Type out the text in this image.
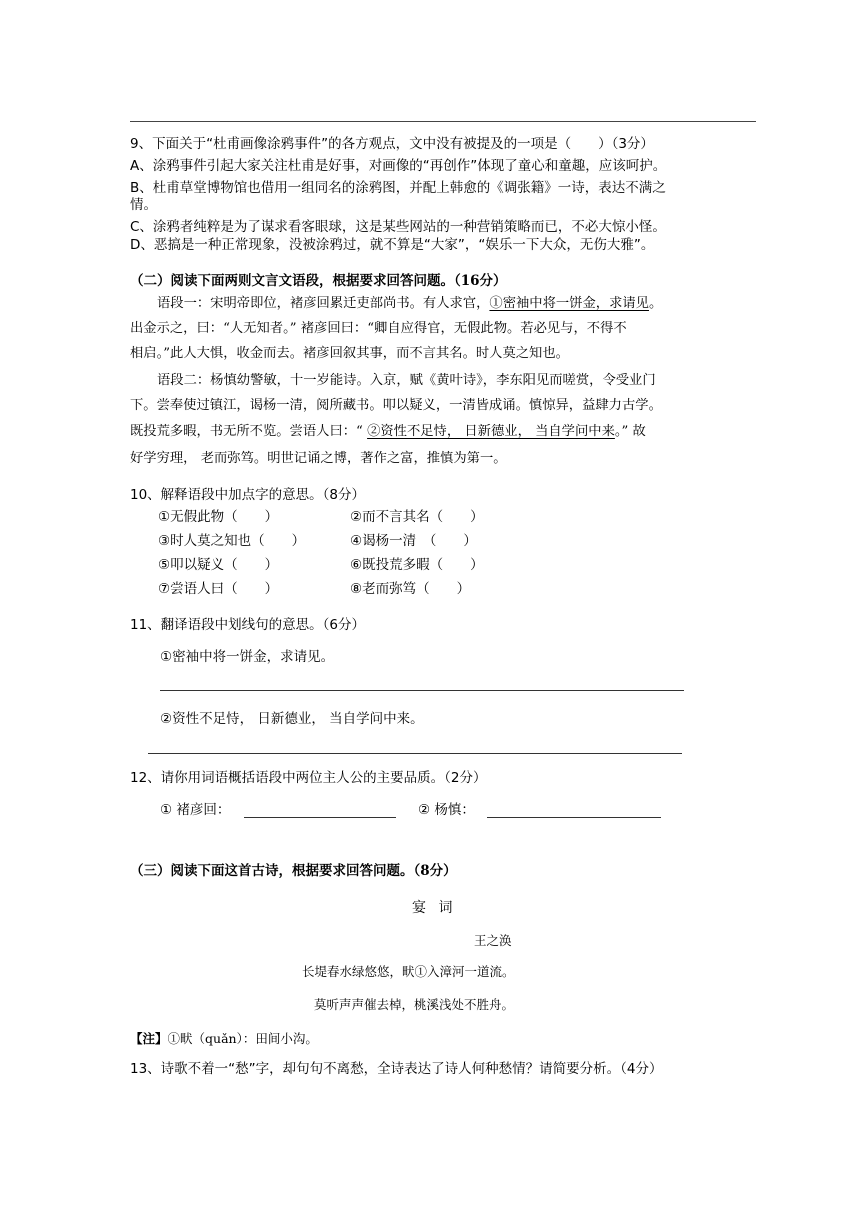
9、下面关于“杜甫画像涂鸦事件”的各方观点，文中没有被提及的一项是（　　）（3分）
A、涂鸦事件引起大家关注杜甫是好事，对画像的“再创作”体现了童心和童趣，应该呵护。
B、杜甫草堂博物馆也借用一组同名的涂鸦图，并配上韩愈的《调张籍》一诗，表达不满之
情。
C、涂鸦者纯粹是为了谋求看客眼球，这是某些网站的一种营销策略而已，不必大惊小怪。
D、恶搞是一种正常现象，没被涂鸦过，就不算是“大家”，“娱乐一下大众，无伤大雅”。
（二）阅读下面两则文言文语段，根据要求回答问题。（16分）
语段一：宋明帝即位，褚彦回累迁吏部尚书。有人求官，①密袖中将一饼金，求请见。
出金示之，曰：“人无知者。” 褚彦回曰：“卿自应得官，无假此物。若必见与，不得不
相启。”此人大惧，收金而去。褚彦回叙其事，而不言其名。时人莫之知也。
语段二：杨慎幼警敏，十一岁能诗。入京，赋《黄叶诗》，李东阳见而嗟赏，令受业门
下。尝奉使过镇江，谒杨一清，阅所藏书。叩以疑义，一清皆成诵。慎惊异，益肆力古学。
既投荒多暇，书无所不览。尝语人曰：“ ②资性不足恃， 日新德业， 当自学问中来。” 故
好学穷理， 老而弥笃。明世记诵之博，著作之富，推慎为第一。
10、解释语段中加点字的意思。（8分）
①无假此物（　　）	②而不言其名（　　）
③时人莫之知也（　　）	④谒杨一清　（　　）
⑤叩以疑义（　　）	⑥既投荒多暇（　　）
⑦尝语人曰（　　）	⑧老而弥笃（　　）
11、翻译语段中划线句的意思。（6分）
①密袖中将一饼金，求请见。
②资性不足恃， 日新德业， 当自学问中来。
12、请你用词语概括语段中两位主人公的主要品质。（2分）
① 褚彦回：	② 杨慎：
（三）阅读下面这首古诗，根据要求回答问题。（8分）
宴 词
王之涣
长堤春水绿悠悠，畎①入漳河一道流。
莫听声声催去棹，桃溪浅处不胜舟。
【注】①畎（quǎn）：田间小沟。
13、诗歌不着一“愁”字，却句句不离愁，全诗表达了诗人何种愁情？请简要分析。（4分）
